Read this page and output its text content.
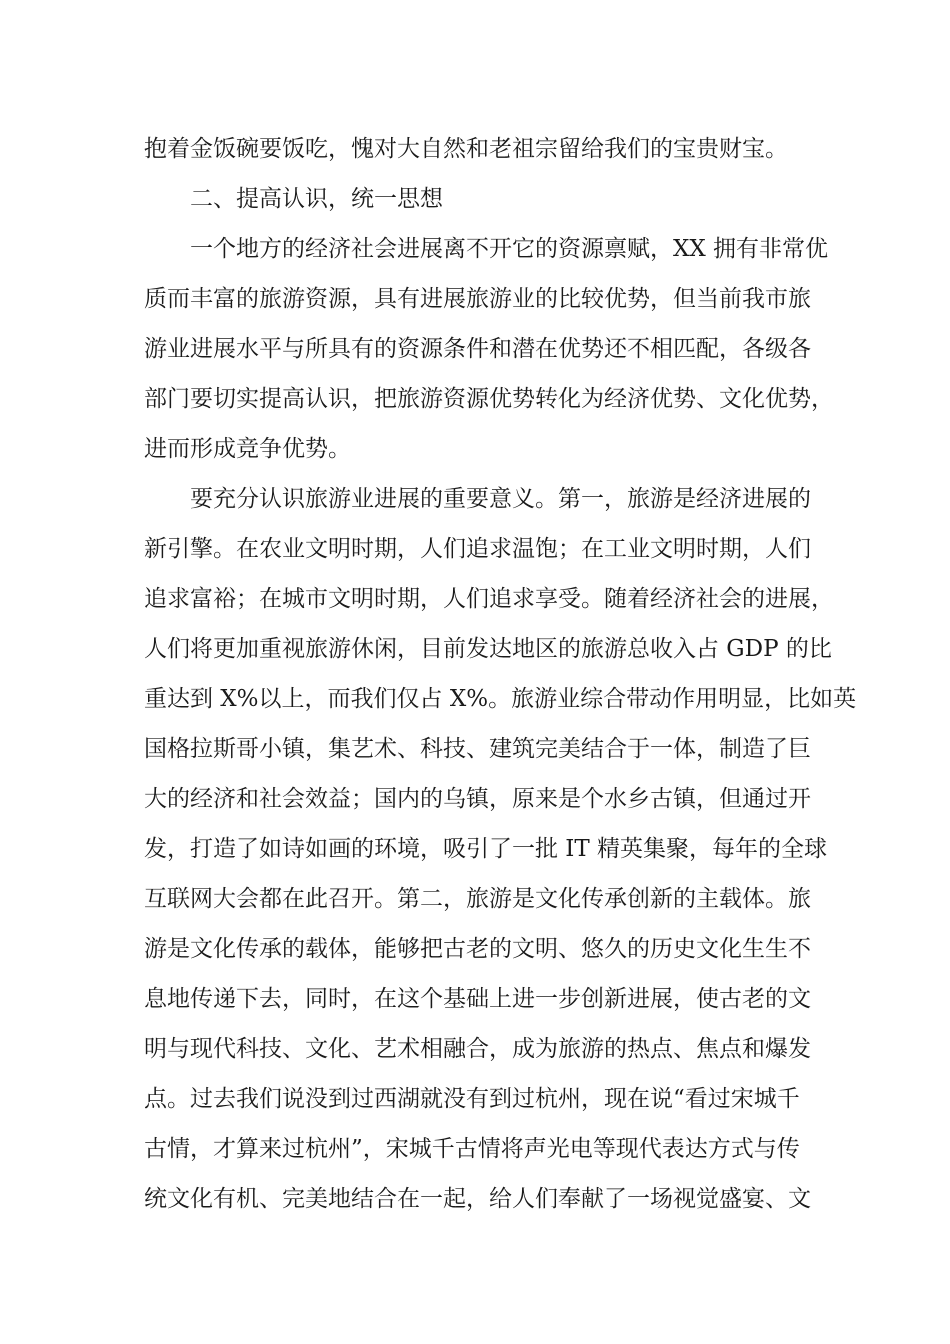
抱着金饭碗要饭吃，愧对大自然和老祖宗留给我们的宝贵财宝。
二、提高认识，统一思想
一个地方的经济社会进展离不开它的资源禀赋，XX 拥有非常优
质而丰富的旅游资源，具有进展旅游业的比较优势，但当前我市旅
游业进展水平与所具有的资源条件和潜在优势还不相匹配，各级各
部门要切实提高认识，把旅游资源优势转化为经济优势、文化优势，
进而形成竞争优势。
要充分认识旅游业进展的重要意义。第一，旅游是经济进展的
新引擎。在农业文明时期，人们追求温饱；在工业文明时期，人们
追求富裕；在城市文明时期，人们追求享受。随着经济社会的进展，
人们将更加重视旅游休闲，目前发达地区的旅游总收入占 GDP 的比
重达到 X%以上，而我们仅占 X%。旅游业综合带动作用明显，比如英
国格拉斯哥小镇，集艺术、科技、建筑完美结合于一体，制造了巨
大的经济和社会效益；国内的乌镇，原来是个水乡古镇，但通过开
发，打造了如诗如画的环境，吸引了一批 IT 精英集聚，每年的全球
互联网大会都在此召开。第二，旅游是文化传承创新的主载体。旅
游是文化传承的载体，能够把古老的文明、悠久的历史文化生生不
息地传递下去，同时，在这个基础上进一步创新进展，使古老的文
明与现代科技、文化、艺术相融合，成为旅游的热点、焦点和爆发
点。过去我们说没到过西湖就没有到过杭州，现在说“看过宋城千
古情，才算来过杭州”，宋城千古情将声光电等现代表达方式与传
统文化有机、完美地结合在一起，给人们奉献了一场视觉盛宴、文
